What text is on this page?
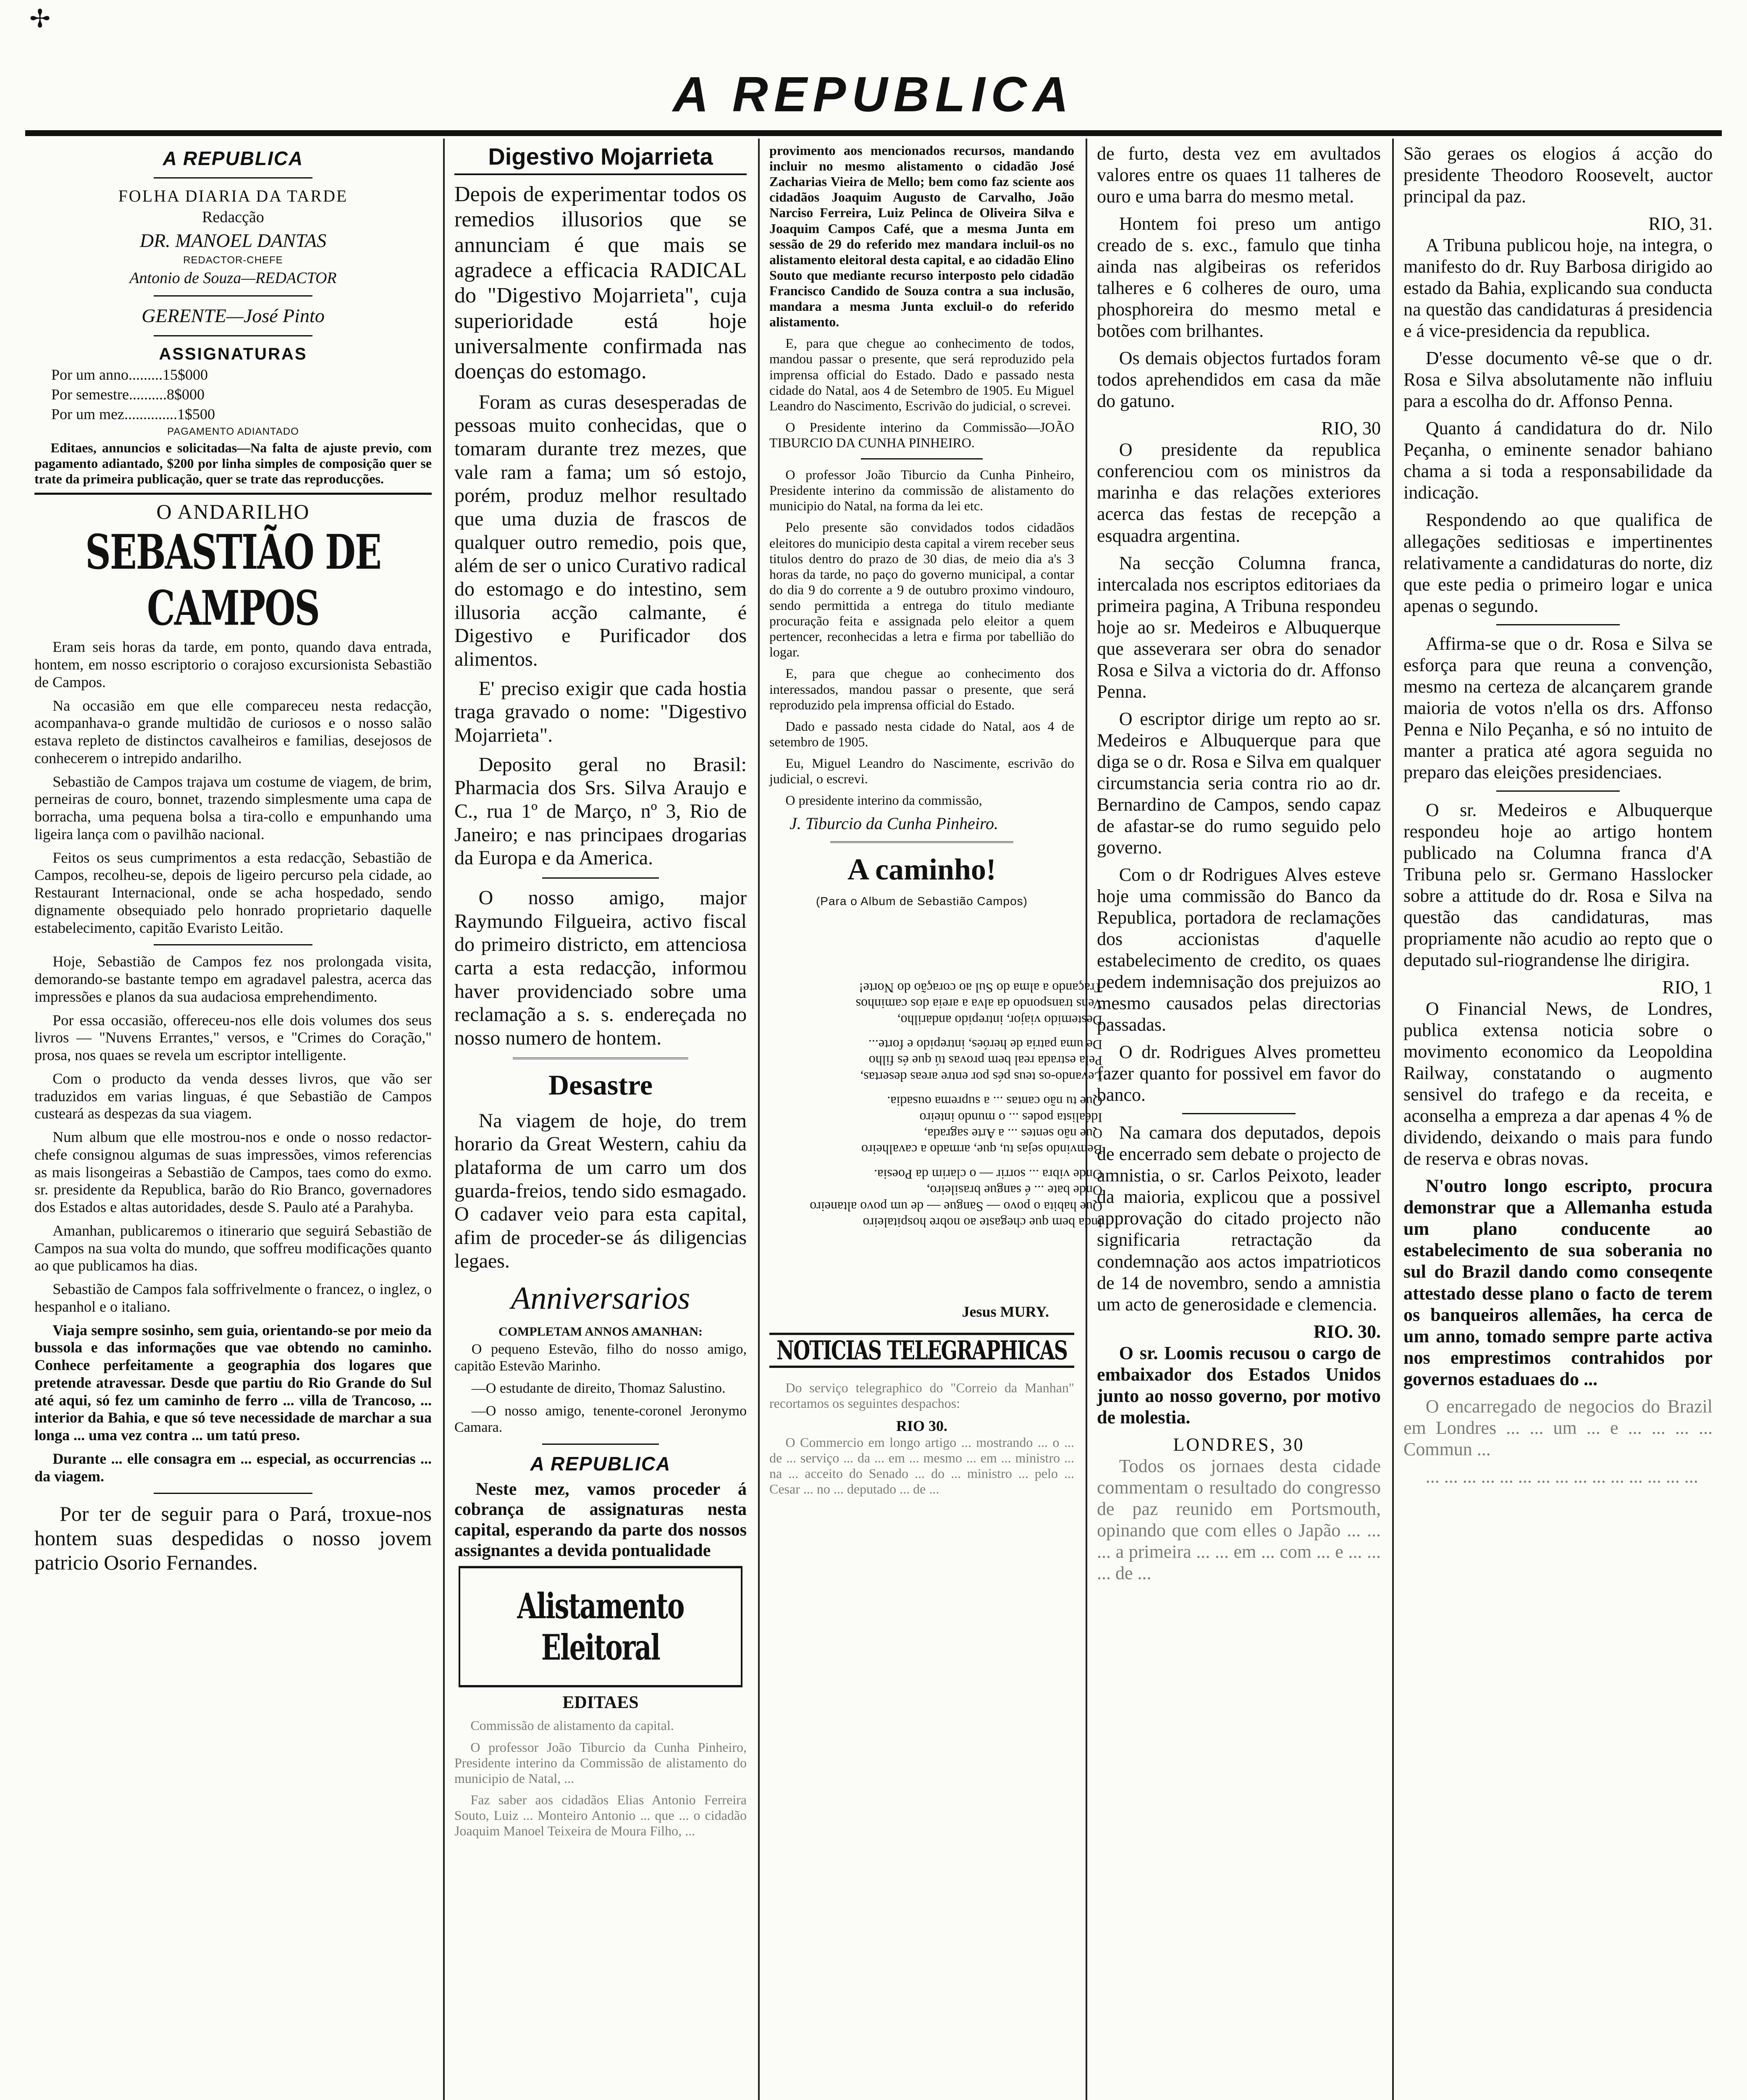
✢
A REPUBLICA
A REPUBLICA
FOLHA DIARIA DA TARDE
Redacção
DR. MANOEL DANTAS
REDACTOR-CHEFE
Antonio de Souza—REDACTOR
GERENTE—José Pinto
ASSIGNATURAS
Por um anno.........15$000
Por semestre..........8$000
Por um mez..............1$500
PAGAMENTO ADIANTADO

Editaes, annuncios e solicitadas—Na falta de ajuste previo, com pagamento adiantado, $200 por linha simples de composição quer se trate da primeira publicação, quer se trate das reproducções.

O ANDARILHO
SEBASTIÃO DE CAMPOS

Eram seis horas da tarde, em ponto, quando dava entrada, hontem, em nosso escriptorio o corajoso excursionista Sebastião de Campos.

Na occasião em que elle compareceu nesta redacção, acompanhava-o grande multidão de curiosos e o nosso salão estava repleto de distinctos cavalheiros e familias, desejosos de conhecerem o intrepido andarilho.

Sebastião de Campos trajava um costume de viagem, de brim, perneiras de couro, bonnet, trazendo simplesmente uma capa de borracha, uma pequena bolsa a tira-collo e empunhando uma ligeira lança com o pavilhão nacional.

Feitos os seus cumprimentos a esta redacção, Sebastião de Campos, recolheu-se, depois de ligeiro percurso pela cidade, ao Restaurant Internacional, onde se acha hospedado, sendo dignamente obsequiado pelo honrado proprietario daquelle estabelecimento, capitão Evaristo Leitão.

Hoje, Sebastião de Campos fez nos prolongada visita, demorando-se bastante tempo em agradavel palestra, acerca das impressões e planos da sua audaciosa emprehendimento.

Por essa occasião, offereceu-nos elle dois volumes dos seus livros — "Nuvens Errantes," versos, e "Crimes do Coração," prosa, nos quaes se revela um escriptor intelligente.

Com o producto da venda desses livros, que vão ser traduzidos em varias linguas, é que Sebastião de Campos custeará as despezas da sua viagem.

Num album que elle mostrou-nos e onde o nosso redactor-chefe consignou algumas de suas impressões, vimos referencias as mais lisongeiras a Sebastião de Campos, taes como do exmo. sr. presidente da Republica, barão do Rio Branco, governadores dos Estados e altas autoridades, desde S. Paulo até a Parahyba.

Amanhan, publicaremos o itinerario que seguirá Sebastião de Campos na sua volta do mundo, que soffreu modificações quanto ao que publicamos ha dias.

Sebastião de Campos fala soffrivelmente o francez, o inglez, o hespanhol e o italiano.

Viaja sempre sosinho, sem guia, orientando-se por meio da bussola e das informações que vae obtendo no caminho. Conhece perfeitamente a geographia dos logares que pretende atravessar. Desde que partiu do Rio Grande do Sul até aqui, só fez um caminho de ferro ... villa de Trancoso, ... interior da Bahia, e que só teve necessidade de marchar a sua longa ... uma vez contra ... um tatú preso.

Durante ... elle consagra em ... especial, as occurrencias ... da viagem.

Por ter de seguir para o Pará, troxue-nos hontem suas despedidas o nosso jovem patricio Osorio Fernandes.

Digestivo Mojarrieta

Depois de experimentar todos os remedios illusorios que se annunciam é que mais se agradece a efficacia RADICAL do "Digestivo Mojarrieta", cuja superioridade está hoje universalmente confirmada nas doenças do estomago.

Foram as curas desesperadas de pessoas muito conhecidas, que o tomaram durante trez mezes, que vale ram a fama; um só estojo, porém, produz melhor resultado que uma duzia de frascos de qualquer outro remedio, pois que, além de ser o unico Curativo radical do estomago e do intestino, sem illusoria acção calmante, é Digestivo e Purificador dos alimentos.

E' preciso exigir que cada hostia traga gravado o nome: "Digestivo Mojarrieta".

Deposito geral no Brasil: Pharmacia dos Srs. Silva Araujo e C., rua 1º de Março, nº 3, Rio de Janeiro; e nas principaes drogarias da Europa e da America.

O nosso amigo, major Raymundo Filgueira, activo fiscal do primeiro districto, em attenciosa carta a esta redacção, informou haver providenciado sobre uma reclamação a s. s. endereçada no nosso numero de hontem.

Desastre

Na viagem de hoje, do trem horario da Great Western, cahiu da plataforma de um carro um dos guarda-freios, tendo sido esmagado. O cadaver veio para esta capital, afim de proceder-se ás diligencias legaes.

Anniversarios
COMPLETAM ANNOS AMANHAN:

O pequeno Estevão, filho do nosso amigo, capitão Estevão Marinho.

—O estudante de direito, Thomaz Salustino.

—O nosso amigo, tenente-coronel Jeronymo Camara.

A REPUBLICA

Neste mez, vamos proceder á cobrança de assignaturas nesta capital, esperando da parte dos nossos assignantes a devida pontualidade

Alistamento Eleitoral
EDITAES

Commissão de alistamento da capital.

O professor João Tiburcio da Cunha Pinheiro, Presidente interino da Commissão de alistamento do municipio de Natal, ...

Faz saber aos cidadãos Elias Antonio Ferreira Souto, Luiz ... Monteiro Antonio ... que ... o cidadão Joaquim Manoel Teixeira de Moura Filho, ...

provimento aos mencionados recursos, mandando incluir no mesmo alistamento o cidadão José Zacharias Vieira de Mello; bem como faz sciente aos cidadãos Joaquim Augusto de Carvalho, João Narciso Ferreira, Luiz Pelinca de Oliveira Silva e Joaquim Campos Café, que a mesma Junta em sessão de 29 do referido mez mandara incluil-os no alistamento eleitoral desta capital, e ao cidadão Elino Souto que mediante recurso interposto pelo cidadão Francisco Candido de Souza contra a sua inclusão, mandara a mesma Junta excluil-o do referido alistamento.

E, para que chegue ao conhecimento de todos, mandou passar o presente, que será reproduzido pela imprensa official do Estado. Dado e passado nesta cidade do Natal, aos 4 de Setembro de 1905. Eu Miguel Leandro do Nascimento, Escrivão do judicial, o screvei.

O Presidente interino da Commissão—JOÃO TIBURCIO DA CUNHA PINHEIRO.

O professor João Tiburcio da Cunha Pinheiro, Presidente interino da commissão de alistamento do municipio do Natal, na forma da lei etc.

Pelo presente são convidados todos cidadãos eleitores do municipio desta capital a virem receber seus titulos dentro do prazo de 30 dias, de meio dia a's 3 horas da tarde, no paço do governo municipal, a contar do dia 9 do corrente a 9 de outubro proximo vindouro, sendo permittida a entrega do titulo mediante procuração feita e assignada pelo eleitor a quem pertencer, reconhecidas a letra e firma por tabellião do logar.

E, para que chegue ao conhecimento dos interessados, mandou passar o presente, que será reproduzido pela imprensa official do Estado.

Dado e passado nesta cidade do Natal, aos 4 de setembro de 1905.

Eu, Miguel Leandro do Nascimente, escrivão do judicial, o escrevi.

O presidente interino da commissão,

J. Tiburcio da Cunha Pinheiro.

A caminho!
(Para o Album de Sebastião Campos)
Inda bem que chegaste ao nobre hospitaleiro
Que habita o povo — Sangue — de um povo altaneiro
Onde bate ... é sangue brasileiro,
Onde vibra ... sorrir — o clarim da Poesia.
Bemvindo sejas tu, que, armado a cavalheiro
Que não sentes ... a Arte sagrada,
Idéalista podes ... o mundo inteiro
Que tu não cantas ... a suprema ousadia.
Levando-os teus pés por entre areas desertas,
Pela estrada real bem provas tú que és filho
De uma patria de heróes, intrepido e forte...
Destemido viajor, intrepido andarilho,
Vens transpondo da alva a areia dos caminhos
Traçando a alma do Sul ao coração do Norte!
Jesus MURY.
NOTICIAS TELEGRAPHICAS

Do serviço telegraphico do "Correio da Manhan" recortamos os seguintes despachos:

RIO 30.

O Commercio em longo artigo ... mostrando ... o ... de ... serviço ... da ... em ... mesmo ... em ... ministro ... na ... acceito do Senado ... do ... ministro ... pelo ... Cesar ... no ... deputado ... de ...

de furto, desta vez em avultados valores entre os quaes 11 talheres de ouro e uma barra do mesmo metal.

Hontem foi preso um antigo creado de s. exc., famulo que tinha ainda nas algibeiras os referidos talheres e 6 colheres de ouro, uma phosphoreira do mesmo metal e botões com brilhantes.

Os demais objectos furtados foram todos aprehendidos em casa da mãe do gatuno.

RIO, 30

O presidente da republica conferenciou com os ministros da marinha e das relações exteriores acerca das festas de recepção a esquadra argentina.

Na secção Columna franca, intercalada nos escriptos editoriaes da primeira pagina, A Tribuna respondeu hoje ao sr. Medeiros e Albuquerque que asseverara ser obra do senador Rosa e Silva a victoria do dr. Affonso Penna.

O escriptor dirige um repto ao sr. Medeiros e Albuquerque para que diga se o dr. Rosa e Silva em qualquer circumstancia seria contra rio ao dr. Bernardino de Campos, sendo capaz de afastar-se do rumo seguido pelo governo.

Com o dr Rodrigues Alves esteve hoje uma commissão do Banco da Republica, portadora de reclamações dos accionistas d'aquelle estabelecimento de credito, os quaes pedem indemnisação dos prejuizos ao mesmo causados pelas directorias passadas.

O dr. Rodrigues Alves prometteu fazer quanto for possivel em favor do banco.

Na camara dos deputados, depois de encerrado sem debate o projecto de amnistia, o sr. Carlos Peixoto, leader da maioria, explicou que a possivel approvação do citado projecto não significaria retractação da condemnação aos actos impatrioticos de 14 de novembro, sendo a amnistia um acto de generosidade e clemencia.

RIO. 30.

O sr. Loomis recusou o cargo de embaixador dos Estados Unidos junto ao nosso governo, por motivo de molestia.

LONDRES, 30

Todos os jornaes desta cidade commentam o resultado do congresso de paz reunido em Portsmouth, opinando que com elles o Japão ... ... ... a primeira ... ... em ... com ... e ... ... ... de ...

São geraes os elogios á acção do presidente Theodoro Roosevelt, auctor principal da paz.

RIO, 31.

A Tribuna publicou hoje, na integra, o manifesto do dr. Ruy Barbosa dirigido ao estado da Bahia, explicando sua conducta na questão das candidaturas á presidencia e á vice-presidencia da republica.

D'esse documento vê-se que o dr. Rosa e Silva absolutamente não influiu para a escolha do dr. Affonso Penna.

Quanto á candidatura do dr. Nilo Peçanha, o eminente senador bahiano chama a si toda a responsabilidade da indicação.

Respondendo ao que qualifica de allegações seditiosas e impertinentes relativamente a candidaturas do norte, diz que este pedia o primeiro logar e unica apenas o segundo.

Affirma-se que o dr. Rosa e Silva se esforça para que reuna a convenção, mesmo na certeza de alcançarem grande maioria de votos n'ella os drs. Affonso Penna e Nilo Peçanha, e só no intuito de manter a pratica até agora seguida no preparo das eleições presidenciaes.

O sr. Medeiros e Albuquerque respondeu hoje ao artigo hontem publicado na Columna franca d'A Tribuna pelo sr. Germano Hasslocker sobre a attitude do dr. Rosa e Silva na questão das candidaturas, mas propriamente não acudio ao repto que o deputado sul-riograndense lhe dirigira.

RIO, 1

O Financial News, de Londres, publica extensa noticia sobre o movimento economico da Leopoldina Railway, constatando o augmento sensivel do trafego e da receita, e aconselha a empreza a dar apenas 4 % de dividendo, deixando o mais para fundo de reserva e obras novas.

N'outro longo escripto, procura demonstrar que a Allemanha estuda um plano conducente ao estabelecimento de sua soberania no sul do Brazil dando como conseqente attestado desse plano o facto de terem os banqueiros allemães, ha cerca de um anno, tomado sempre parte activa nos emprestimos contrahidos por governos estaduaes do ...

O encarregado de negocios do Brazil em Londres ... ... um ... e ... ... ... ... Commun ...

... ... ... ... ... ... ... ... ... ... ... ... ... ... ...
